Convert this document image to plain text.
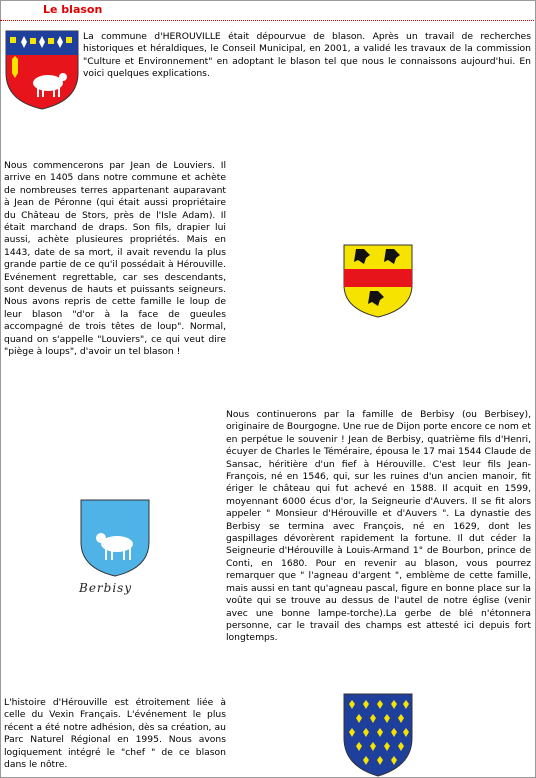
Le blason

La commune d'HEROUVILLE était dépourvue de blason. Après un travail de recherches historiques et héraldiques, le Conseil Municipal, en 2001, a validé les travaux de la commission "Culture et Environnement" en adoptant le blason tel que nous le connaissons aujourd'hui. En voici quelques explications.

Nous commencerons par Jean de Louviers. Il arrive en 1405 dans notre commune et achète de nombreuses terres appartenant auparavant à Jean de Péronne (qui était aussi propriétaire du Château de Stors, près de l'Isle Adam). Il était marchand de draps. Son fils, drapier lui aussi, achète plusieures propriétés. Mais en 1443, date de sa mort, il avait revendu la plus grande partie de ce qu'il possédait à Hérouville. Evénement regrettable, car ses descendants, sont devenus de hauts et puissants seigneurs. Nous avons repris de cette famille le loup de leur blason "d'or à la face de gueules accompagné de trois têtes de loup". Normal, quand on s'appelle "Louviers", ce qui veut dire "piège à loups", d'avoir un tel blason !

Nous continuerons par la famille de Berbisy (ou Berbisey), originaire de Bourgogne. Une rue de Dijon porte encore ce nom et en perpétue le souvenir ! Jean de Berbisy, quatrième fils d'Henri, écuyer de Charles le Téméraire, épousa le 17 mai 1544 Claude de Sansac, héritière d'un fief à Hérouville. C'est leur fils Jean- François, né en 1546, qui, sur les ruines d'un ancien manoir, fit ériger le château qui fut achevé en 1588. Il acquit en 1599, moyennant 6000 écus d'or, la Seigneurie d'Auvers. Il se fit alors appeler " Monsieur d'Hérouville et d'Auvers ". La dynastie des Berbisy se termina avec François, né en 1629, dont les gaspillages dévorèrent rapidement la fortune. Il dut céder la Seigneurie d'Hérouville à Louis-Armand 1° de Bourbon, prince de Conti, en 1680. Pour en revenir au blason, vous pourrez remarquer que " l'agneau d'argent ", emblème de cette famille, mais aussi en tant qu'agneau pascal, figure en bonne place sur la voûte qui se trouve au dessus de l'autel de notre église (venir avec une bonne lampe-torche).La gerbe de blé n'étonnera personne, car le travail des champs est attesté ici depuis fort longtemps.

Berbisy

L'histoire d'Hérouville est étroitement liée à celle du Vexin Français. L'événement le plus récent a été notre adhésion, dès sa création, au Parc Naturel Régional en 1995. Nous avons logiquement intégré le "chef " de ce blason dans le nôtre.
